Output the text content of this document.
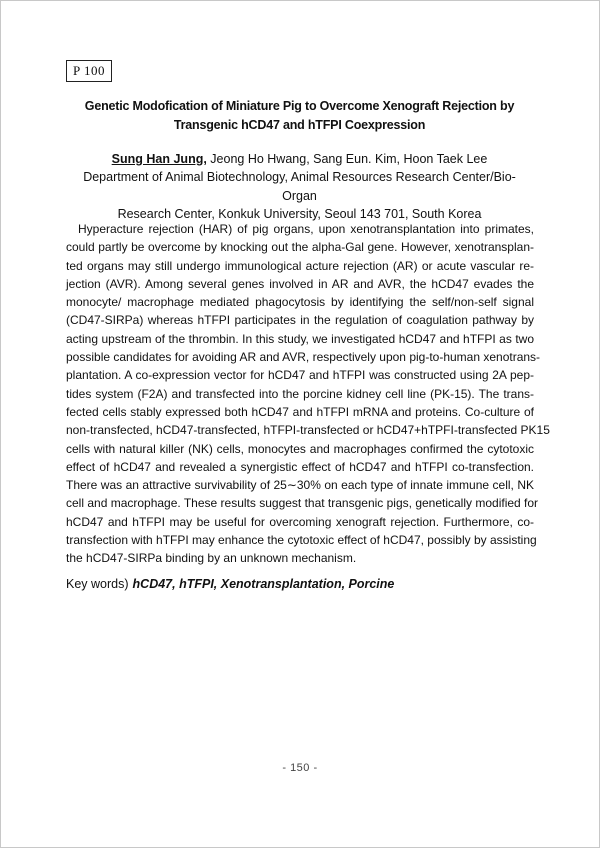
P 100
Genetic Modofication of Miniature Pig to Overcome Xenograft Rejection by
Transgenic hCD47 and hTFPI Coexpression

Sung Han Jung, Jeong Ho Hwang, Sang Eun. Kim, Hoon Taek Lee

Department of Animal Biotechnology, Animal Resources Research Center/Bio-Organ
Research Center, Konkuk University, Seoul 143 701, South Korea

Hyperacture rejection (HAR) of pig organs, upon xenotransplantation into primates,
could partly be overcome by knocking out the alpha-Gal gene. However, xenotransplan-
ted organs may still undergo immunological acture rejection (AR) or acute vascular re-
jection (AVR). Among several genes involved in AR and AVR, the hCD47 evades the
monocyte/ macrophage mediated phagocytosis by identifying the self/non-self signal
(CD47-SIRPa) whereas hTFPI participates in the regulation of coagulation pathway by
acting upstream of the thrombin. In this study, we investigated hCD47 and hTFPI as two
possible candidates for avoiding AR and AVR, respectively upon pig-to-human xenotrans-
plantation. A co-expression vector for hCD47 and hTFPI was constructed using 2A pep-
tides system (F2A) and transfected into the porcine kidney cell line (PK-15). The trans-
fected cells stably expressed both hCD47 and hTFPI mRNA and proteins. Co-culture of
non-transfected, hCD47-transfected, hTFPI-transfected or hCD47+hTPFI-transfected PK15
cells with natural killer (NK) cells, monocytes and macrophages confirmed the cytotoxic
effect of hCD47 and revealed a synergistic effect of hCD47 and hTFPI co-transfection.
There was an attractive survivability of 25∼30% on each type of innate immune cell, NK
cell and macrophage. These results suggest that transgenic pigs, genetically modified for
hCD47 and hTFPI may be useful for overcoming xenograft rejection. Furthermore, co-
transfection with hTFPI may enhance the cytotoxic effect of hCD47, possibly by assisting
the hCD47-SIRPa binding by an unknown mechanism.

Key words) hCD47, hTFPI, Xenotransplantation, Porcine

- 150 -
